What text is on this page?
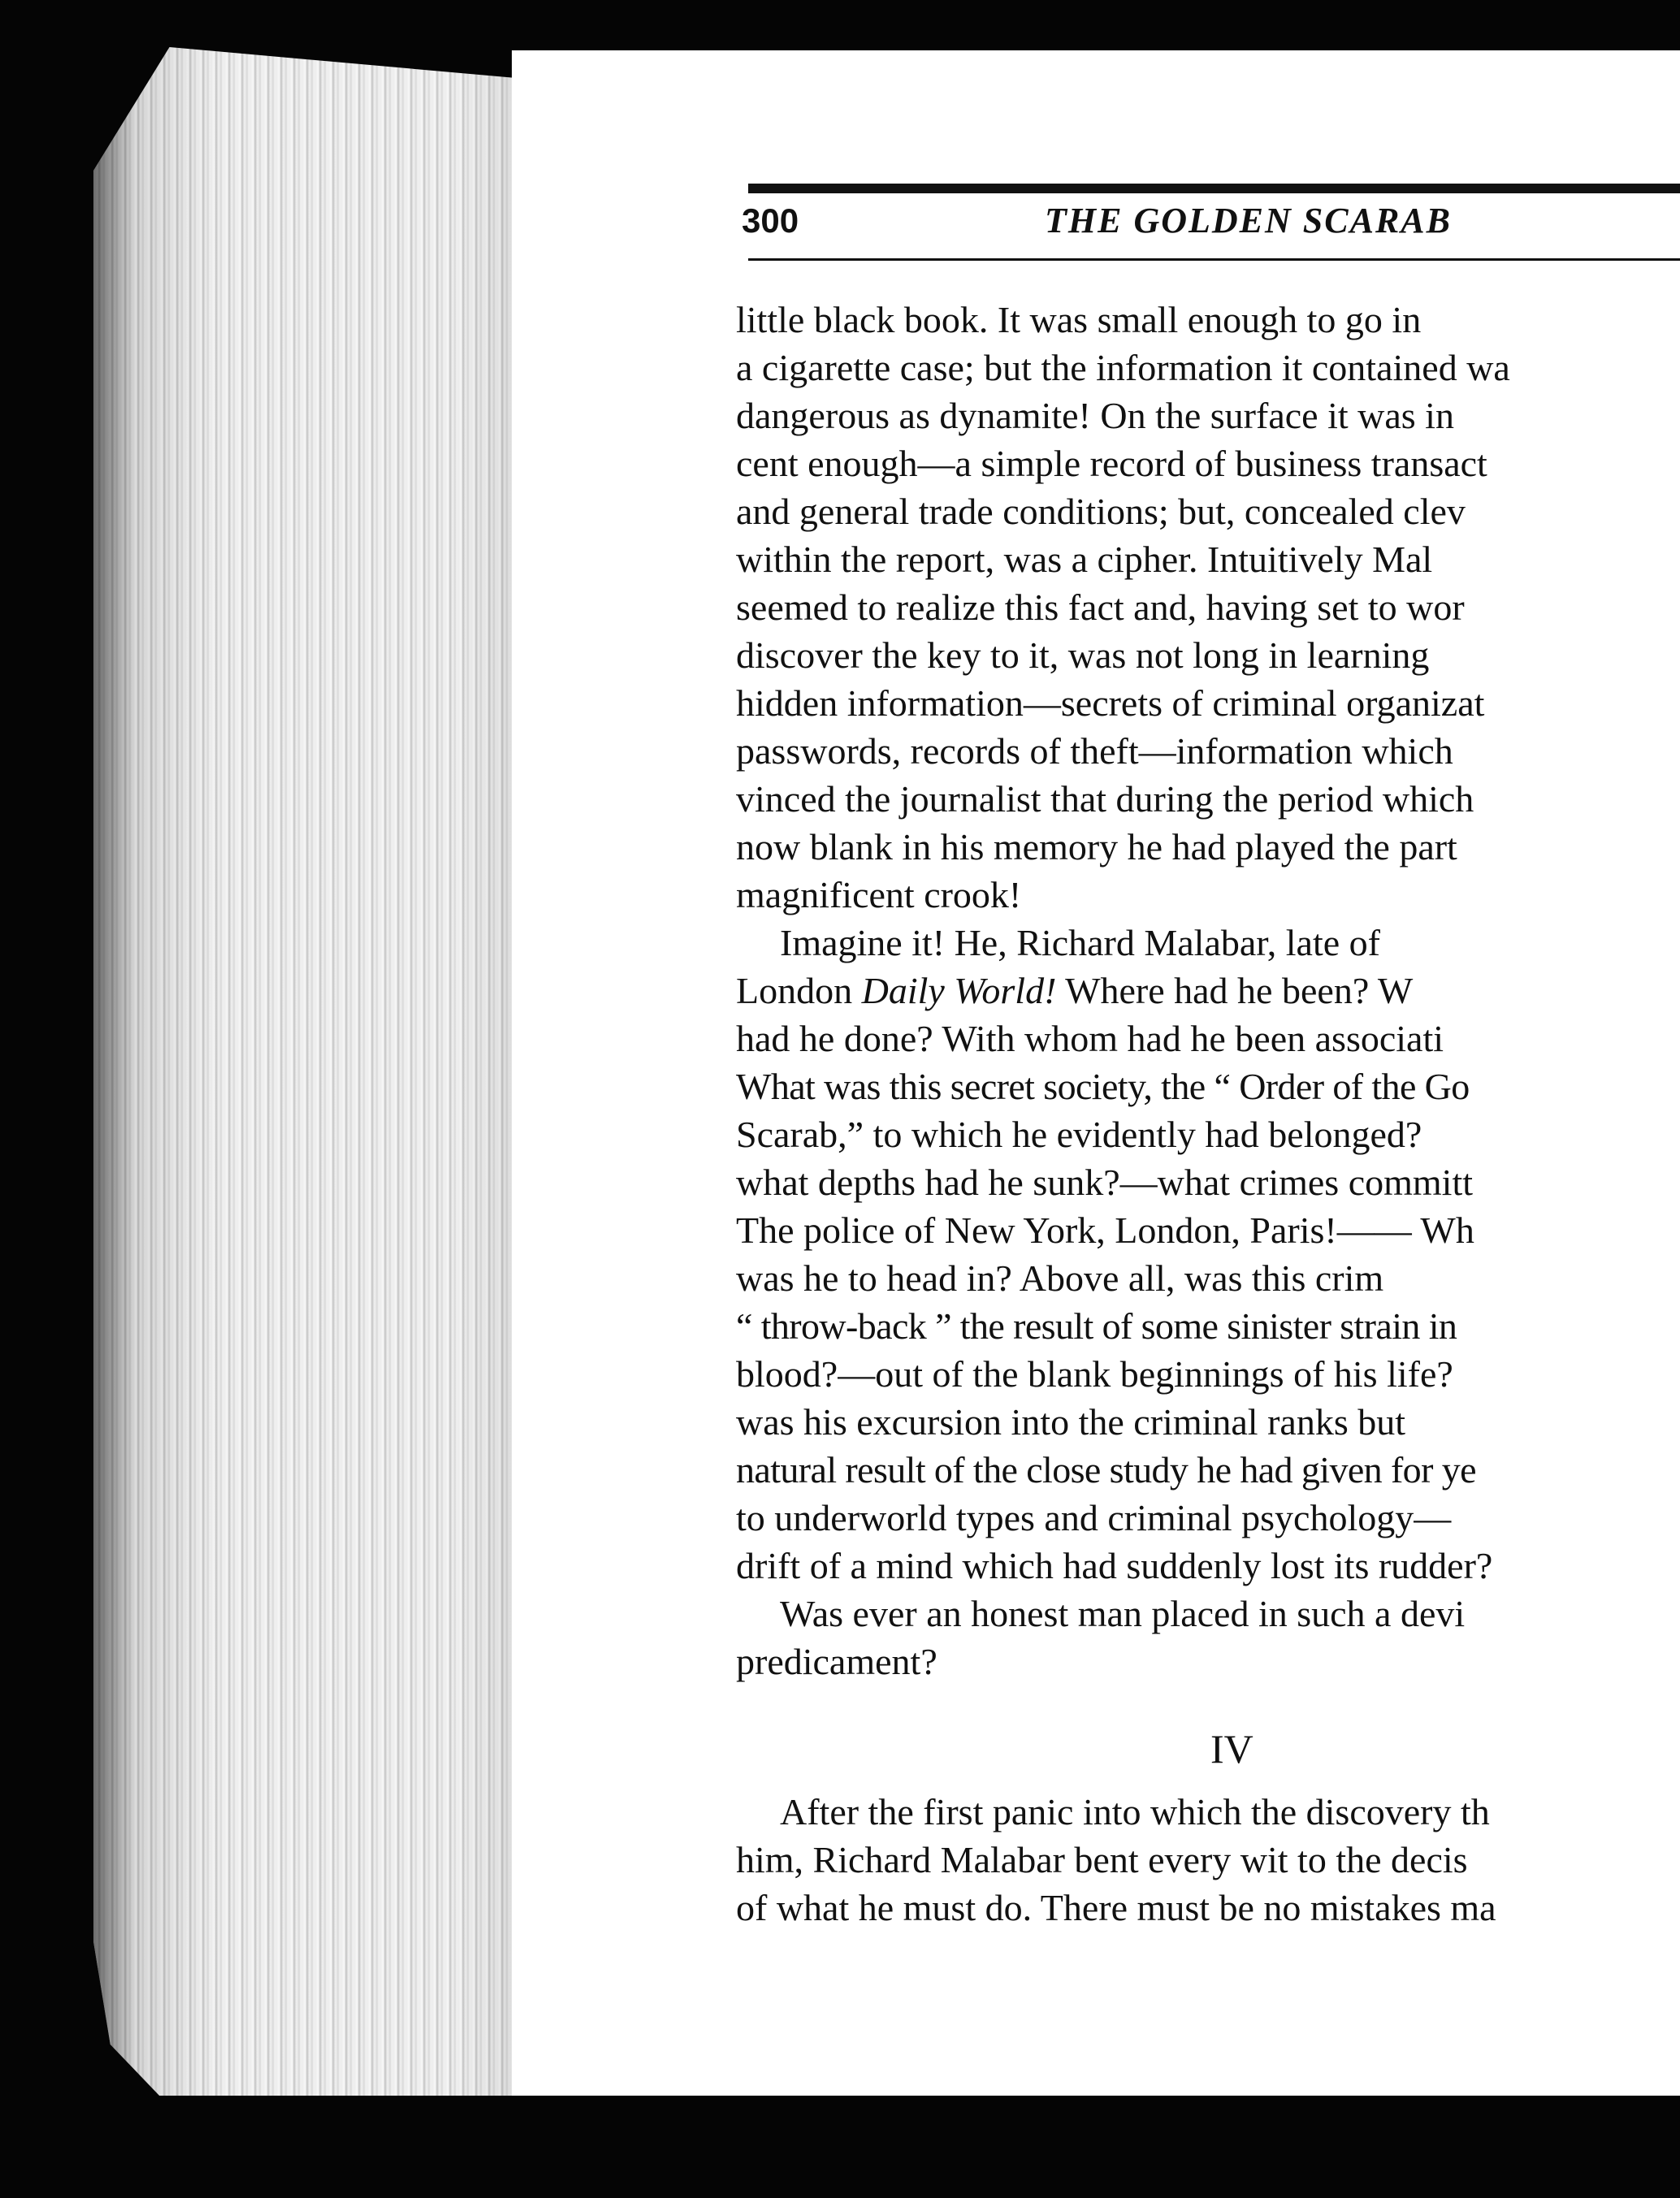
300	THE GOLDEN SCARAB
little black book. It was small enough to go in
a cigarette case; but the information it contained wa
dangerous as dynamite! On the surface it was in
cent enough—a simple record of business transact
and general trade conditions; but, concealed clev
within the report, was a cipher. Intuitively Mal
seemed to realize this fact and, having set to wor
discover the key to it, was not long in learning
hidden information—secrets of criminal organizat
passwords, records of theft—information which
vinced the journalist that during the period which
now blank in his memory he had played the part
magnificent crook!
Imagine it! He, Richard Malabar, late of
London Daily World! Where had he been? W
had he done? With whom had he been associati
What was this secret society, the “ Order of the Go
Scarab,” to which he evidently had belonged?
what depths had he sunk?—what crimes committ
The police of New York, London, Paris!—— Wh
was he to head in? Above all, was this crim
“ throw-back ” the result of some sinister strain in
blood?—out of the blank beginnings of his life?
was his excursion into the criminal ranks but
natural result of the close study he had given for ye
to underworld types and criminal psychology—
drift of a mind which had suddenly lost its rudder?
Was ever an honest man placed in such a devi
predicament?
After the first panic into which the discovery th
him, Richard Malabar bent every wit to the decis
of what he must do. There must be no mistakes ma
IV
